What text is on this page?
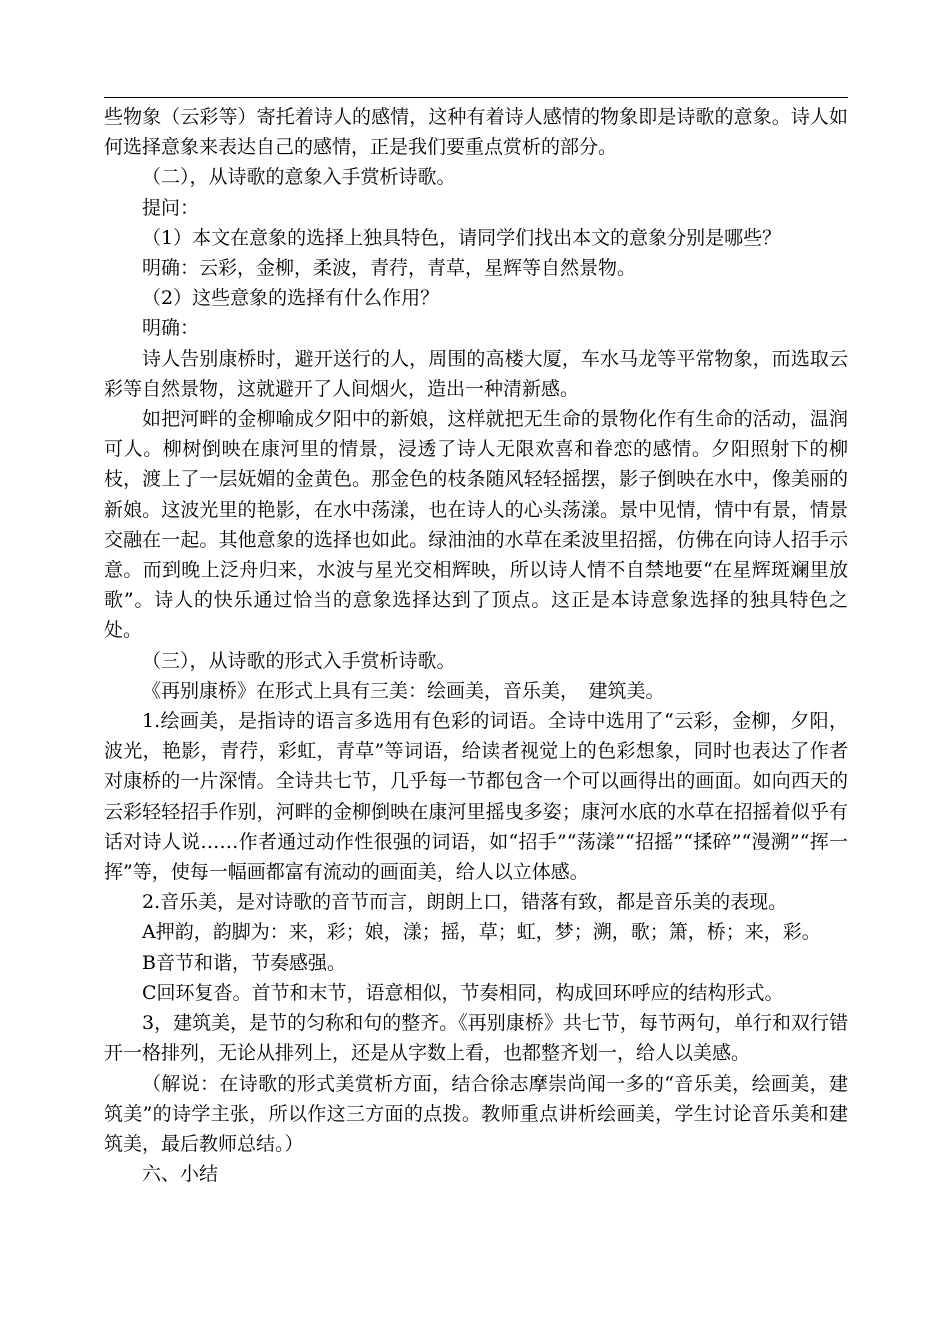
些物象（云彩等）寄托着诗人的感情，这种有着诗人感情的物象即是诗歌的意象。诗人如何选择意象来表达自己的感情，正是我们要重点赏析的部分。

（二），从诗歌的意象入手赏析诗歌。

提问：

（1）本文在意象的选择上独具特色，请同学们找出本文的意象分别是哪些？

明确：云彩，金柳，柔波，青荇，青草，星辉等自然景物。

（2）这些意象的选择有什么作用？

明确：

诗人告别康桥时，避开送行的人，周围的高楼大厦，车水马龙等平常物象，而选取云彩等自然景物，这就避开了人间烟火，造出一种清新感。

如把河畔的金柳喻成夕阳中的新娘，这样就把无生命的景物化作有生命的活动，温润可人。柳树倒映在康河里的情景，浸透了诗人无限欢喜和眷恋的感情。夕阳照射下的柳枝，渡上了一层妩媚的金黄色。那金色的枝条随风轻轻摇摆，影子倒映在水中，像美丽的新娘。这波光里的艳影，在水中荡漾，也在诗人的心头荡漾。景中见情，情中有景，情景交融在一起。其他意象的选择也如此。绿油油的水草在柔波里招摇，仿佛在向诗人招手示意。而到晚上泛舟归来，水波与星光交相辉映，所以诗人情不自禁地要“在星辉斑斓里放歌”。诗人的快乐通过恰当的意象选择达到了顶点。这正是本诗意象选择的独具特色之处。

（三），从诗歌的形式入手赏析诗歌。

《再别康桥》在形式上具有三美：绘画美，音乐美，　建筑美。

1.绘画美，是指诗的语言多选用有色彩的词语。全诗中选用了“云彩，金柳，夕阳，波光，艳影，青荇，彩虹，青草”等词语，给读者视觉上的色彩想象，同时也表达了作者对康桥的一片深情。全诗共七节，几乎每一节都包含一个可以画得出的画面。如向西天的云彩轻轻招手作别，河畔的金柳倒映在康河里摇曳多姿；康河水底的水草在招摇着似乎有话对诗人说……作者通过动作性很强的词语，如“招手”“荡漾”“招摇”“揉碎”“漫溯”“挥一挥”等，使每一幅画都富有流动的画面美，给人以立体感。

2.音乐美，是对诗歌的音节而言，朗朗上口，错落有致，都是音乐美的表现。

A押韵，韵脚为：来，彩；娘，漾；摇，草；虹，梦；溯，歌；箫，桥；来，彩。

B音节和谐，节奏感强。

C回环复沓。首节和末节，语意相似，节奏相同，构成回环呼应的结构形式。

3，建筑美，是节的匀称和句的整齐。《再别康桥》共七节，每节两句，单行和双行错开一格排列，无论从排列上，还是从字数上看，也都整齐划一，给人以美感。

（解说：在诗歌的形式美赏析方面，结合徐志摩崇尚闻一多的“音乐美，绘画美，建筑美”的诗学主张，所以作这三方面的点拨。教师重点讲析绘画美，学生讨论音乐美和建筑美，最后教师总结。）

六、小结
